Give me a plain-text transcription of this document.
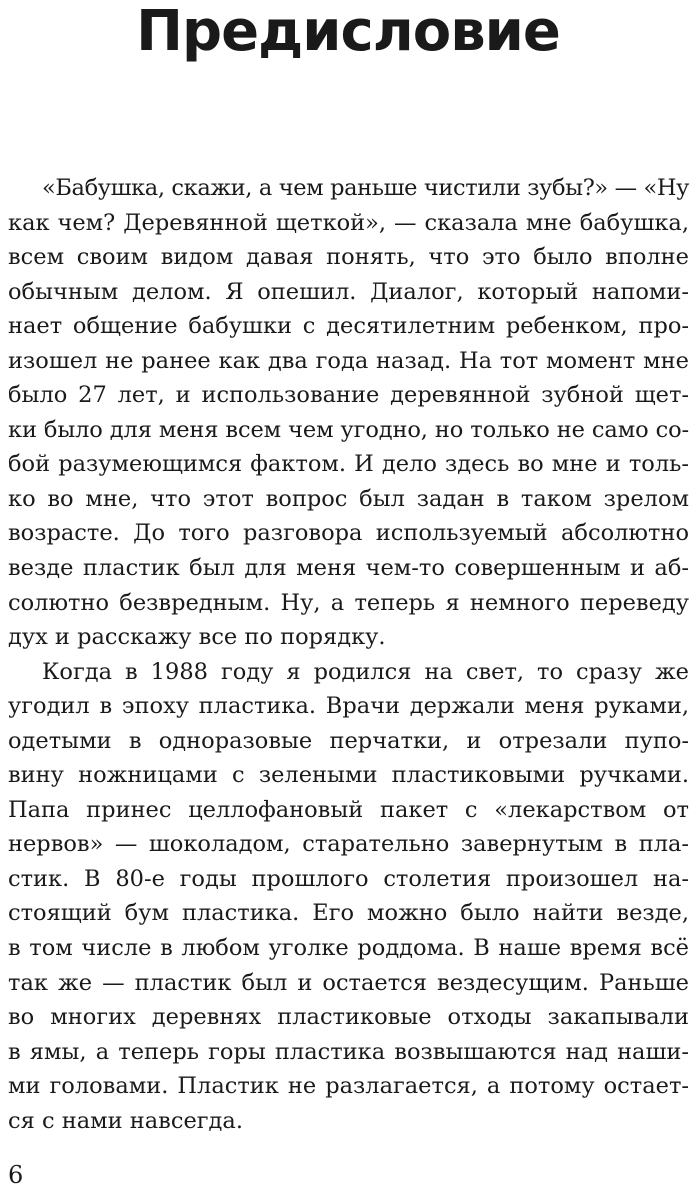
Предисловие

«Бабушка, скажи, а чем раньше чистили зубы?» — «Ну
как чем? Деревянной щеткой», — сказала мне бабушка,
всем своим видом давая понять, что это было вполне
обычным делом. Я опешил. Диалог, который напоми-
нает общение бабушки с десятилетним ребенком, про-
изошел не ранее как два года назад. На тот момент мне
было 27 лет, и использование деревянной зубной щет-
ки было для меня всем чем угодно, но только не само со-
бой разумеющимся фактом. И дело здесь во мне и толь-
ко во мне, что этот вопрос был задан в таком зрелом
возрасте. До того разговора используемый абсолютно
везде пластик был для меня чем-то совершенным и аб-
солютно безвредным. Ну, а теперь я немного переведу
дух и расскажу все по порядку.

Когда в 1988 году я родился на свет, то сразу же
угодил в эпоху пластика. Врачи держали меня руками,
одетыми в одноразовые перчатки, и отрезали пупо-
вину ножницами с зелеными пластиковыми ручками.
Папа принес целлофановый пакет с «лекарством от
нервов» — шоколадом, старательно завернутым в пла-
стик. В 80-е годы прошлого столетия произошел на-
стоящий бум пластика. Его можно было найти везде,
в том числе в любом уголке роддома. В наше время всё
так же — пластик был и остается вездесущим. Раньше
во многих деревнях пластиковые отходы закапывали
в ямы, а теперь горы пластика возвышаются над наши-
ми головами. Пластик не разлагается, а потому остает-
ся с нами навсегда.

6
